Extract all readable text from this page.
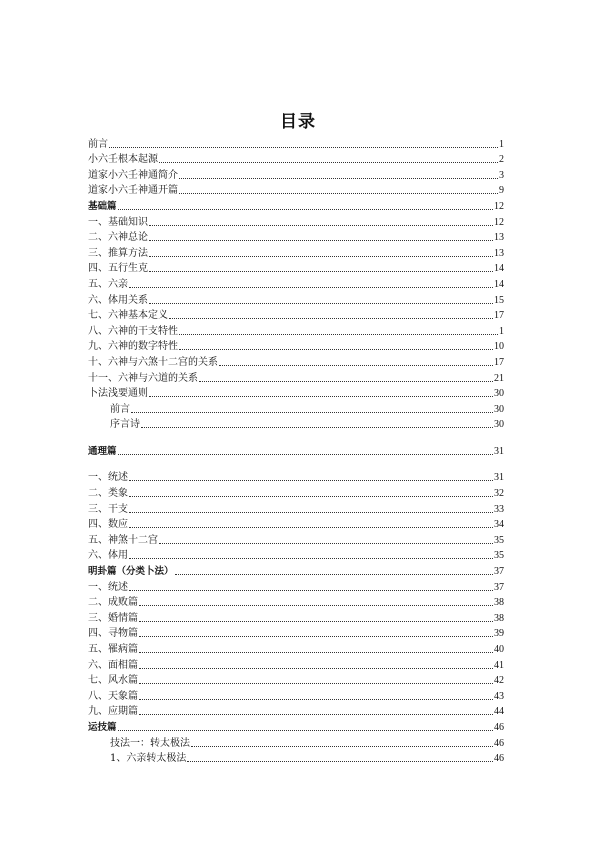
目录
前言	1
小六壬根本起源	2
道家小六壬神通简介	3
道家小六壬神通开篇	9
基础篇	12
一、基础知识	12
二、六神总论	13
三、推算方法	13
四、五行生克	14
五、六亲	14
六、体用关系	15
七、六神基本定义	17
八、六神的干支特性	1
九、六神的数字特性	10
十、六神与六煞十二宫的关系	17
十一、六神与六道的关系	21
卜法浅要通则	30
前言	30
序言诗	30
通理篇	31
一、统述	31
二、类象	32
三、干支	33
四、数应	34
五、神煞十二宫	35
六、体用	35
明卦篇（分类卜法）	37
一、统述	37
二、成败篇	38
三、婚情篇	38
四、寻物篇	39
五、罹病篇	40
六、面相篇	41
七、风水篇	42
八、天象篇	43
九、应期篇	44
运技篇	46
技法一：转太极法	46
1、六亲转太极法	46
